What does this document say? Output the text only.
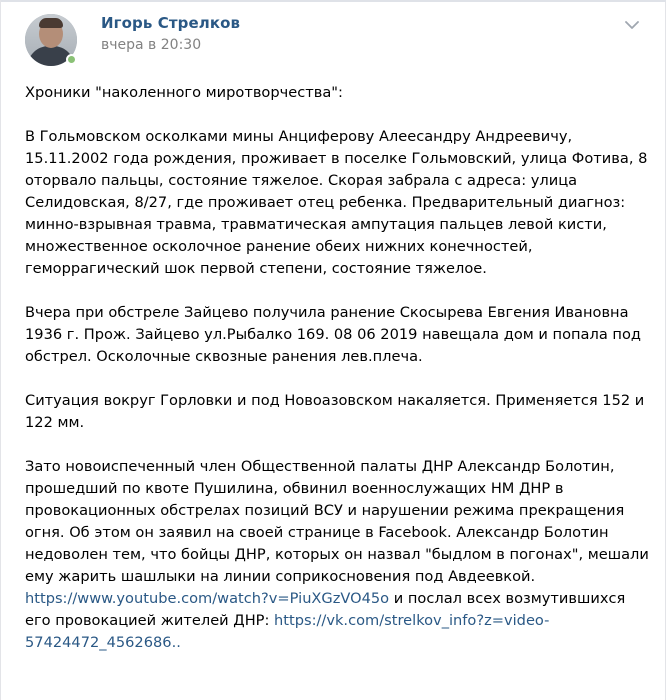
Игорь Стрелков
вчера в 20:30

Хроники "наколенного миротворчества":

В Гольмовском осколками мины Анциферову Алеесандру Андреевичу, 15.11.2002 года рождения, проживает в поселке Гольмовский, улица Фотива, 8 оторвало пальцы, состояние тяжелое. Скорая забрала с адреса: улица Селидовская, 8/27, где проживает отец ребенка. Предварительный диагноз: минно-взрывная травма, травматическая ампутация пальцев левой кисти, множественное осколочное ранение обеих нижних конечностей, геморрагический шок первой степени, состояние тяжелое.

Вчера при обстреле Зайцево получила ранение Скосырева Евгения Ивановна 1936 г. Прож. Зайцево ул.Рыбалко 169. 08 06 2019 навещала дом и попала под обстрел. Осколочные сквозные ранения лев.плеча.

Ситуация вокруг Горловки и под Новоазовском накаляется. Применяется 152 и 122 мм.

Зато новоиспеченный член Общественной палаты ДНР Александр Болотин, прошедший по квоте Пушилина, обвинил военнослужащих НМ ДНР в провокационных обстрелах позиций ВСУ и нарушении режима прекращения огня. Об этом он заявил на своей странице в Facebook. Александр Болотин недоволен тем, что бойцы ДНР, которых он назвал "быдлом в погонах", мешали ему жарить шашлыки на линии соприкосновения под Авдеевкой.
https://www.youtube.com/watch?v=PiuXGzVO45o и послал всех возмутившихся его провокацией жителей ДНР: https://vk.com/strelkov_info?z=video-57424472_4562686..
